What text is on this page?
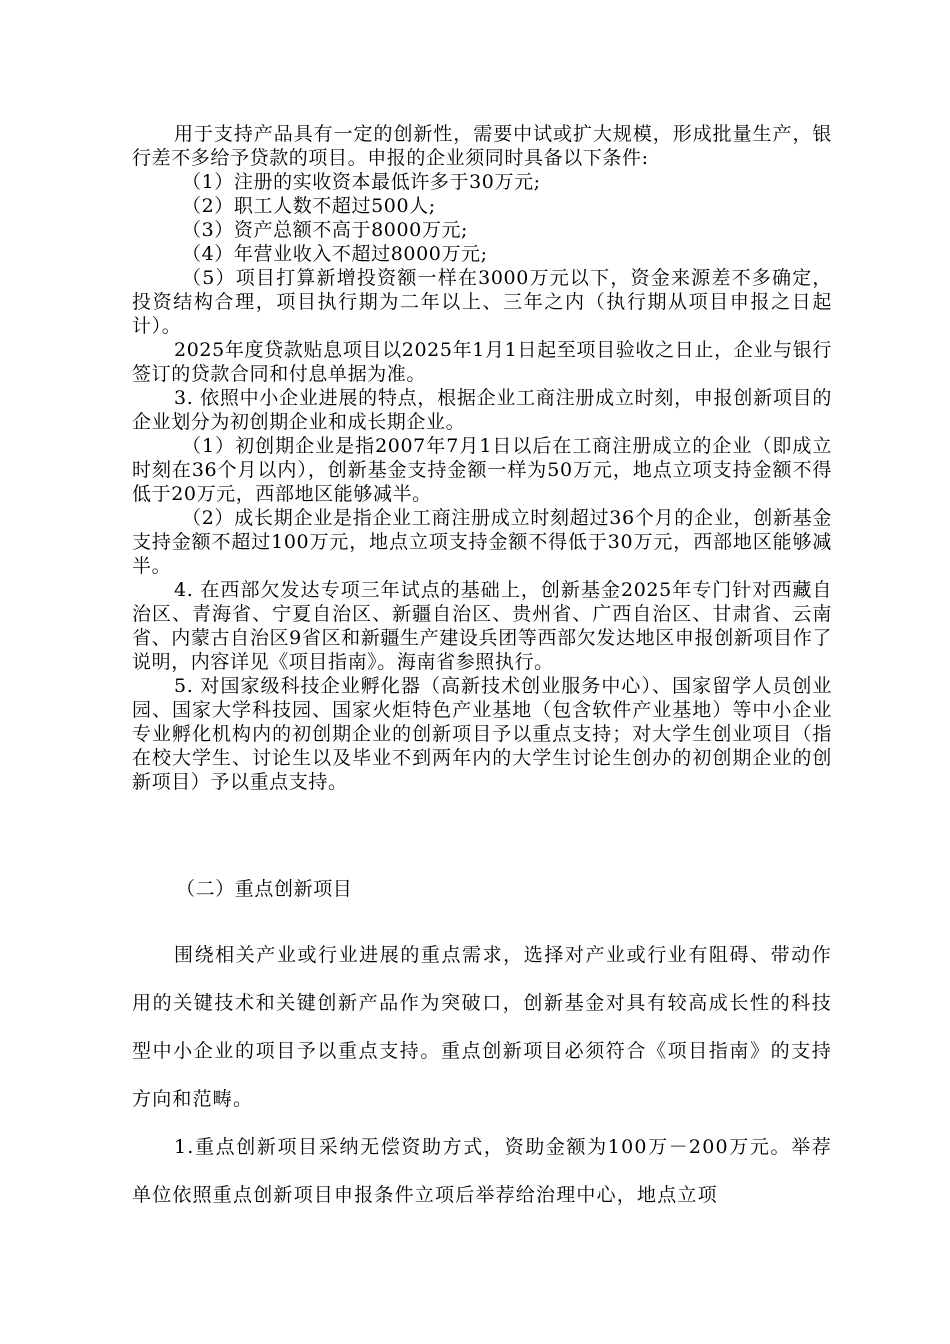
用于支持产品具有一定的创新性，需要中试或扩大规模，形成批量生产，银行差不多给予贷款的项目。申报的企业须同时具备以下条件:

（1）注册的实收资本最低许多于30万元;

（2）职工人数不超过500人;

（3）资产总额不高于8000万元;

（4）年营业收入不超过8000万元;

（5）项目打算新增投资额一样在3000万元以下，资金来源差不多确定，投资结构合理，项目执行期为二年以上、三年之内（执行期从项目申报之日起计）。

2025年度贷款贴息项目以2025年1月1日起至项目验收之日止，企业与银行签订的贷款合同和付息单据为准。

3. 依照中小企业进展的特点，根据企业工商注册成立时刻，申报创新项目的企业划分为初创期企业和成长期企业。

（1）初创期企业是指2007年7月1日以后在工商注册成立的企业（即成立时刻在36个月以内），创新基金支持金额一样为50万元，地点立项支持金额不得低于20万元，西部地区能够减半。

（2）成长期企业是指企业工商注册成立时刻超过36个月的企业，创新基金支持金额不超过100万元，地点立项支持金额不得低于30万元，西部地区能够减半。

4. 在西部欠发达专项三年试点的基础上，创新基金2025年专门针对西藏自治区、青海省、宁夏自治区、新疆自治区、贵州省、广西自治区、甘肃省、云南省、内蒙古自治区9省区和新疆生产建设兵团等西部欠发达地区申报创新项目作了说明，内容详见《项目指南》。海南省参照执行。

5. 对国家级科技企业孵化器（高新技术创业服务中心）、国家留学人员创业园、国家大学科技园、国家火炬特色产业基地（包含软件产业基地）等中小企业专业孵化机构内的初创期企业的创新项目予以重点支持；对大学生创业项目（指在校大学生、讨论生以及毕业不到两年内的大学生讨论生创办的初创期企业的创新项目）予以重点支持。

（二）重点创新项目

围绕相关产业或行业进展的重点需求，选择对产业或行业有阻碍、带动作用的关键技术和关键创新产品作为突破口，创新基金对具有较高成长性的科技型中小企业的项目予以重点支持。重点创新项目必须符合《项目指南》的支持方向和范畴。

1.重点创新项目采纳无偿资助方式，资助金额为100万－200万元。举荐单位依照重点创新项目申报条件立项后举荐给治理中心，地点立项
